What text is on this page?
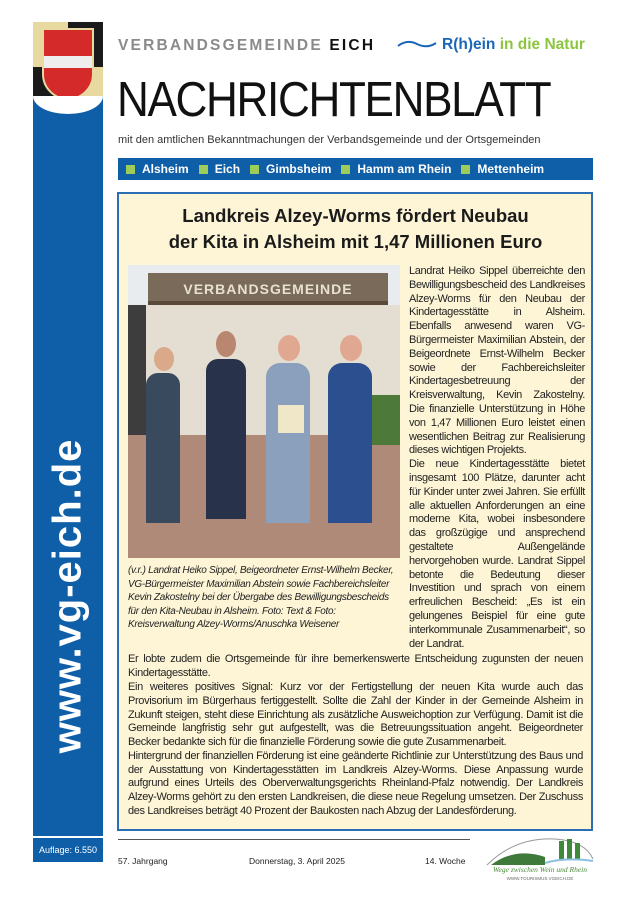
www.vg-eich.de
Auflage: 6.550
VERBANDSGEMEINDE EICH	R(h)ein in die Natur
NACHRICHTENBLATT
mit den amtlichen Bekanntmachungen der Verbandsgemeinde und der Ortsgemeinden
Alsheim Eich Gimbsheim Hamm am Rhein Mettenheim
Landkreis Alzey-Worms fördert Neubau
der Kita in Alsheim mit 1,47 Millionen Euro
VERBANDSGEMEINDE
(v.r.) Landrat Heiko Sippel, Beigeordneter Ernst-Wilhelm Becker, VG-Bürgermeister Maximilian Abstein sowie Fachbereichsleiter Kevin Zakostelny bei der Übergabe des Bewilligungsbescheids für den Kita-Neubau in Alsheim. Foto: Text & Foto: Kreisverwaltung Alzey-Worms/Anuschka Weisener

Landrat Heiko Sippel überreichte den Bewilligungsbescheid des Landkreises Alzey-Worms für den Neubau der Kindertagesstätte in Alsheim. Ebenfalls anwesend waren VG-Bürgermeister Maximilian Abstein, der Beigeordnete Ernst-Wilhelm Becker sowie der Fachbereichsleiter Kindertagesbetreuung der Kreisverwaltung, Kevin Zakostelny. Die finanzielle Unterstützung in Höhe von 1,47 Millionen Euro leistet einen wesentlichen Beitrag zur Realisierung dieses wichtigen Projekts.

Die neue Kindertagesstätte bietet insgesamt 100 Plätze, darunter acht für Kinder unter zwei Jahren. Sie erfüllt alle aktuellen Anforderungen an eine moderne Kita, wobei insbesondere das großzügige und ansprechend gestaltete Außengelände hervorgehoben wurde. Landrat Sippel betonte die Bedeutung dieser Investition und sprach von einem erfreulichen Bescheid: „Es ist ein gelungenes Beispiel für eine gute interkommunale Zusammenarbeit“, so der Landrat.

Er lobte zudem die Ortsgemeinde für ihre bemerkenswerte Entscheidung zugunsten der neuen Kindertagesstätte.

Ein weiteres positives Signal: Kurz vor der Fertigstellung der neuen Kita wurde auch das Provisorium im Bürgerhaus fertiggestellt. Sollte die Zahl der Kinder in der Gemeinde Alsheim in Zukunft steigen, steht diese Einrichtung als zusätzliche Ausweichoption zur Verfügung. Damit ist die Gemeinde langfristig sehr gut aufgestellt, was die Betreuungssituation angeht. Beigeordneter Becker bedankte sich für die finanzielle Förderung sowie die gute Zusammenarbeit.

Hintergrund der finanziellen Förderung ist eine geänderte Richtlinie zur Unterstützung des Baus und der Ausstattung von Kindertagesstätten im Landkreis Alzey-Worms. Diese Anpassung wurde aufgrund eines Urteils des Oberverwaltungsgerichts Rheinland-Pfalz notwendig. Der Landkreis Alzey-Worms gehört zu den ersten Landkreisen, die diese neue Regelung umsetzen. Der Zuschuss des Landkreises beträgt 40 Prozent der Baukosten nach Abzug der Landesförderung.

57. Jahrgang	Donnerstag, 3. April 2025	14. Woche
Wege zwischen Wein und Rhein
WWW.TOURISMUS.VGEICH.DE
